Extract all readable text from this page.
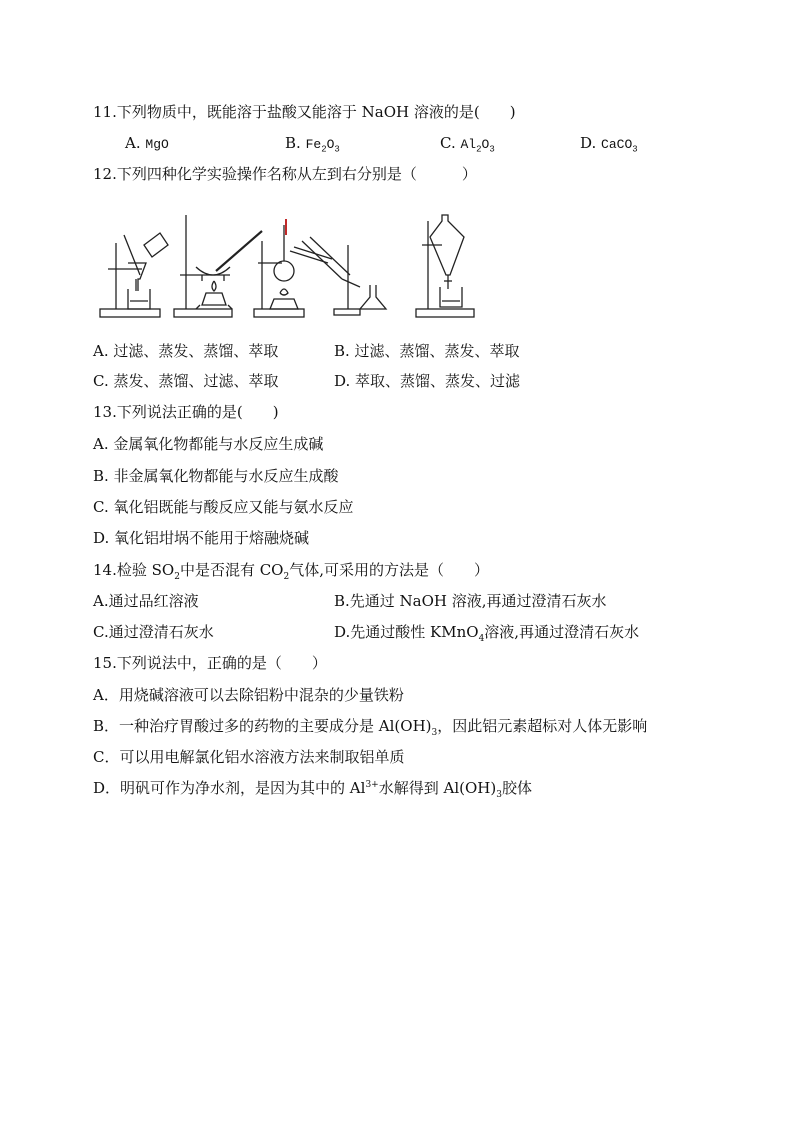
11.下列物质中，既能溶于盐酸又能溶于 NaOH 溶液的是(　　)
A. MgO	B. $Fe_2O_3$	C. $Al_2O_3$	D. CaCO$_3$
12.下列四种化学实验操作名称从左到右分别是（　　　）
A. 过滤、蒸发、蒸馏、萃取	B. 过滤、蒸馏、蒸发、萃取
C. 蒸发、蒸馏、过滤、萃取	D. 萃取、蒸馏、蒸发、过滤
13.下列说法正确的是(　　)
A. 金属氧化物都能与水反应生成碱
B. 非金属氧化物都能与水反应生成酸
C. 氧化铝既能与酸反应又能与氨水反应
D. 氧化铝坩埚不能用于熔融烧碱
14.检验 $SO_2$中是否混有 $CO_2$气体,可采用的方法是（　　）
A.通过品红溶液	B.先通过 NaOH 溶液,再通过澄清石灰水
C.通过澄清石灰水	D.先通过酸性 KMnO$_4$溶液,再通过澄清石灰水
15.下列说法中，正确的是（　　）
A．用烧碱溶液可以去除铝粉中混杂的少量铁粉
B．一种治疗胃酸过多的药物的主要成分是 $Al(OH)_3$，因此铝元素超标对人体无影响
C．可以用电解氯化铝水溶液方法来制取铝单质
D．明矾可作为净水剂，是因为其中的 $Al^{3+}$水解得到 $Al(OH)_3$胶体
